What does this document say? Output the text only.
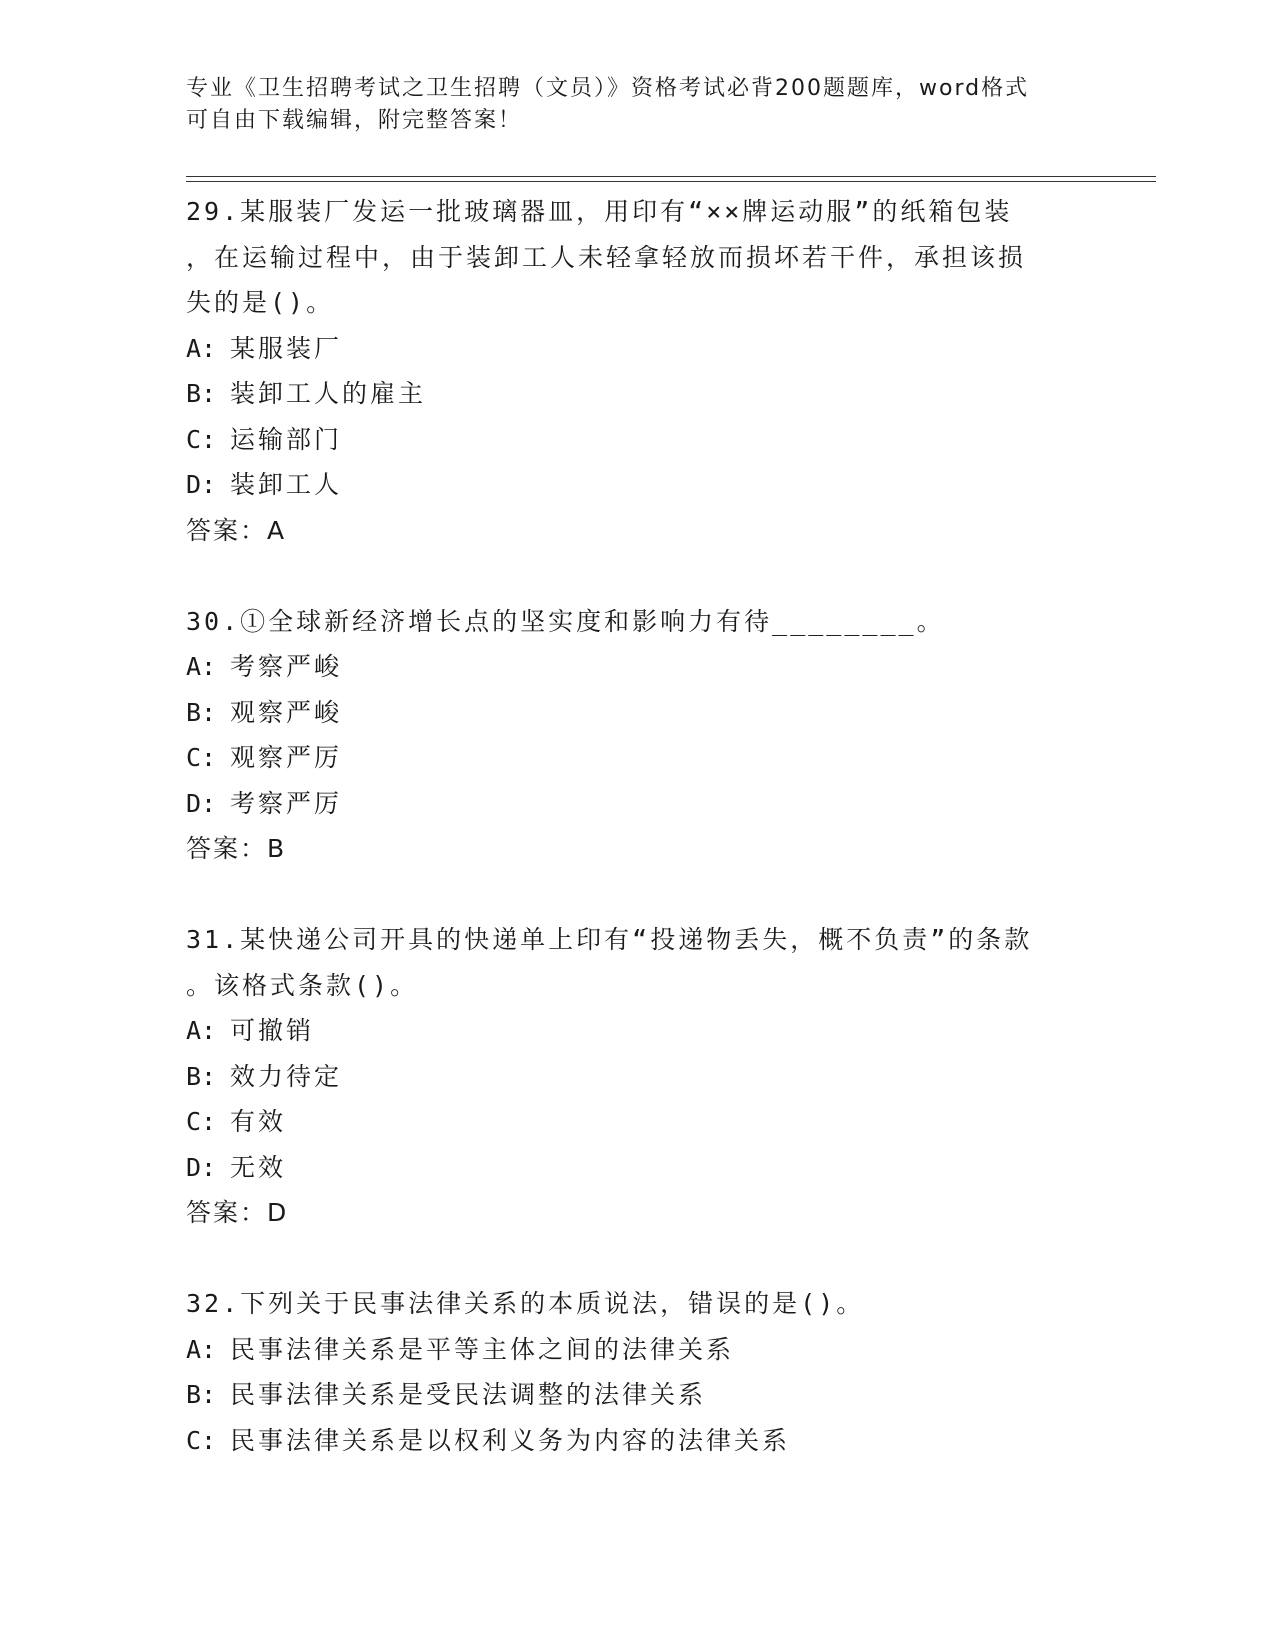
专业《卫生招聘考试之卫生招聘（文员）》资格考试必背200题题库，word格式
可自由下载编辑，附完整答案！
29.某服装厂发运一批玻璃器皿，用印有“××牌运动服”的纸箱包装
，在运输过程中，由于装卸工人未轻拿轻放而损坏若干件，承担该损
失的是()。
A: 某服装厂
B: 装卸工人的雇主
C: 运输部门
D: 装卸工人
答案：A
30.①全球新经济增长点的坚实度和影响力有待________。
A: 考察严峻
B: 观察严峻
C: 观察严厉
D: 考察严厉
答案：B
31.某快递公司开具的快递单上印有“投递物丢失，概不负责”的条款
。该格式条款()。
A: 可撤销
B: 效力待定
C: 有效
D: 无效
答案：D
32.下列关于民事法律关系的本质说法，错误的是()。
A: 民事法律关系是平等主体之间的法律关系
B: 民事法律关系是受民法调整的法律关系
C: 民事法律关系是以权利义务为内容的法律关系
